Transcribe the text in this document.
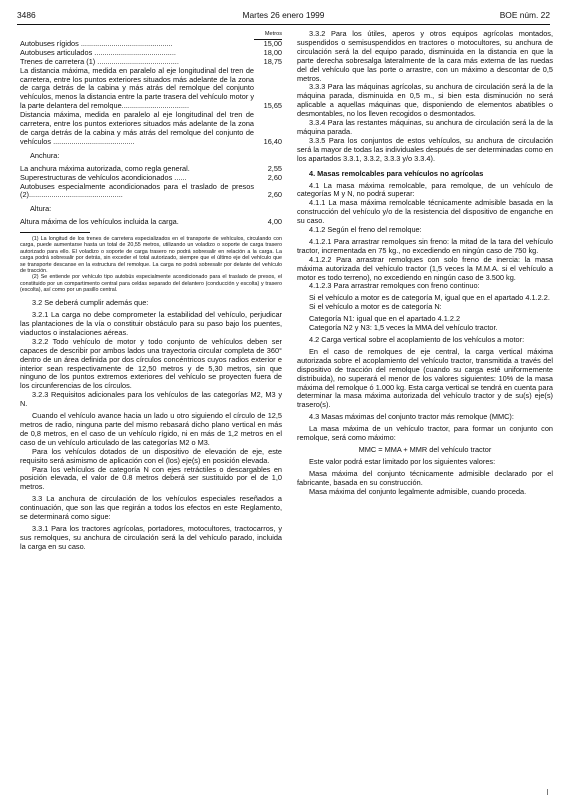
3486	Martes 26 enero 1999	BOE núm. 22

	Metros

Autobuses rígidos .............................................	15,00
Autobuses articulados ........................................	18,00
Trenes de carretera (1) ........................................	18,75
La distancia máxima, medida en paralelo al eje longitudinal del tren de carretera, entre los puntos exteriores situados más adelante de la zona de carga detrás de la cabina y más atrás del remolque del conjunto vehículos, menos la distancia entre la parte trasera del vehículo motor y la parte delantera del remolque.................................	15,65
Distancia máxima, medida en paralelo al eje longitudinal del tren de carretera, entre los puntos exteriores situados más adelante de la zona de carga detrás de la cabina y más atrás del remolque del conjunto de vehículos ........................................	16,40

Anchura:	

La anchura máxima autorizada, como regla general.	2,55
Superestructuras de vehículos acondicionados ......	2,60
Autobuses especialmente acondicionados para el traslado de presos (2)..............................................	2,60

Altura:	

Altura máxima de los vehículos incluida la carga.	4,00

(1) La longitud de los trenes de carretera especializados en el transporte de vehículos, circulando con carga, puede aumentarse hasta un total de 20,55 metros, utilizando un voladizo o soporte de carga trasero autorizado para ello. El voladizo o soporte de carga trasero no podrá sobresalir en relación a la carga. La carga podrá sobresalir por detrás, sin exceder el total autorizado, siempre que el último eje del vehículo que se transporte descanse en la estructura del remolque. La carga no podrá sobresalir por delante del vehículo de tracción.

(2) Se entiende por vehículo tipo autobús especialmente acondicionado para el traslado de presos, el constituido por un compartimento central para celdas separado del delantero (conducción y escolta) y trasero (escolta), así como por un pasillo central.

3.2 Se deberá cumplir además que:

3.2.1 La carga no debe comprometer la estabilidad del vehículo, perjudicar las plantaciones de la vía o constituir obstáculo para su paso bajo los puentes, viaductos o instalaciones aéreas.

3.2.2 Todo vehículo de motor y todo conjunto de vehículos deben ser capaces de describir por ambos lados una trayectoria circular completa de 360° dentro de un área definida por dos círculos concéntricos cuyos radios exterior e interior sean respectivamente de 12,50 metros y de 5,30 metros, sin que ninguno de los puntos extremos exteriores del vehículo se proyecten fuera de los circunferencias de los círculos.

3.2.3 Requisitos adicionales para los vehículos de las categorías M2, M3 y N.

Cuando el vehículo avance hacia un lado u otro siguiendo el círculo de 12,5 metros de radio, ninguna parte del mismo rebasará dicho plano vertical en más de 0,8 metros, en el caso de un vehículo rígido, ni en más de 1,2 metros en el caso de un vehículo articulado de las categorías M2 o M3.

Para los vehículos dotados de un dispositivo de elevación de eje, este requisito será asimismo de aplicación con el (los) eje(s) en posición elevada.

Para los vehículos de categoría N con ejes retráctiles o descargables en posición elevada, el valor de 0.8 metros deberá ser sustituido por el de 1,0 metros.

3.3 La anchura de circulación de los vehículos especiales reseñados a continuación, que son las que regirán a todos los efectos en este Reglamento, se determinará como sigue:

3.3.1 Para los tractores agrícolas, portadores, motocultores, tractocarros, y sus remolques, su anchura de circulación será la del vehículo parado, incluida la carga en su caso.

3.3.2 Para los útiles, aperos y otros equipos agrícolas montados, suspendidos o semisuspendidos en tractores o motocultores, su anchura de circulación será la del equipo parado, disminuida en la distancia en que la parte derecha sobresalga lateralmente de la cara más externa de las ruedas del del vehículo que las porte o arrastre, con un máximo a descontar de 0,5 metros.

3.3.3 Para las máquinas agrícolas, su anchura de circulación será la de la máquina parada, disminuida en 0,5 m., si bien esta disminución no será aplicable a aquellas máquinas que, disponiendo de elementos abatibles o desmontables, no los lleven recogidos o desmontados.

3.3.4 Para las restantes máquinas, su anchura de circulación será la de la máquina parada.

3.3.5 Para los conjuntos de estos vehículos, su anchura de circulación será la mayor de todas las individuales después de ser determinadas como en los apartados 3.3.1, 3.3.2, 3.3.3 y/o 3.3.4).

4. Masas remolcables para vehículos no agrícolas

4.1 La masa máxima remolcable, para remolque, de un vehículo de categorías M y N, no podrá superar:

4.1.1 La masa máxima remolcable técnicamente admisible basada en la construcción del vehículo y/o de la resistencia del dispositivo de enganche en su caso.

4.1.2 Según el freno del remolque:

4.1.2.1 Para arrastrar remolques sin freno: la mitad de la tara del vehículo tractor, incrementada en 75 kg., no excediendo en ningún caso de 750 kg.

4.1.2.2 Para arrastrar remolques con solo freno de inercia: la masa máxima autorizada del vehículo tractor (1,5 veces la M.M.A. si el vehículo a motor es todo terreno), no excediendo en ningún caso de 3.500 kg.

4.1.2.3 Para arrastrar remolques con freno continuo:

Si el vehículo a motor es de categoría M, igual que en el apartado 4.1.2.2.

Si el vehículo a motor es de categoría N:

Categoría N1: igual que en el apartado 4.1.2.2

Categoría N2 y N3: 1,5 veces la MMA del vehículo tractor.

4.2 Carga vertical sobre el acoplamiento de los vehículos a motor:

En el caso de remolques de eje central, la carga vertical máxima autorizada sobre el acoplamiento del vehículo tractor, transmitida a través del dispositivo de tracción del remolque (cuando su carga esté uniformemente distribuida), no superará el menor de los valores siguientes: 10% de la masa máxima del remolque ó 1.000 kg. Esta carga vertical se tendrá en cuenta para determinar la masa máxima autorizada del vehículo tractor y de su(s) eje(s) trasero(s).

4.3 Masas máximas del conjunto tractor más remolque (MMC):

La masa máxima de un vehículo tractor, para formar un conjunto con remolque, será como máximo:

MMC = MMA + MMR del vehículo tractor

Este valor podrá estar limitado por los siguientes valores:

Masa máxima del conjunto técnicamente admisible declarado por el fabricante, basada en su construcción.

Masa máxima del conjunto legalmente admisible, cuando proceda.
